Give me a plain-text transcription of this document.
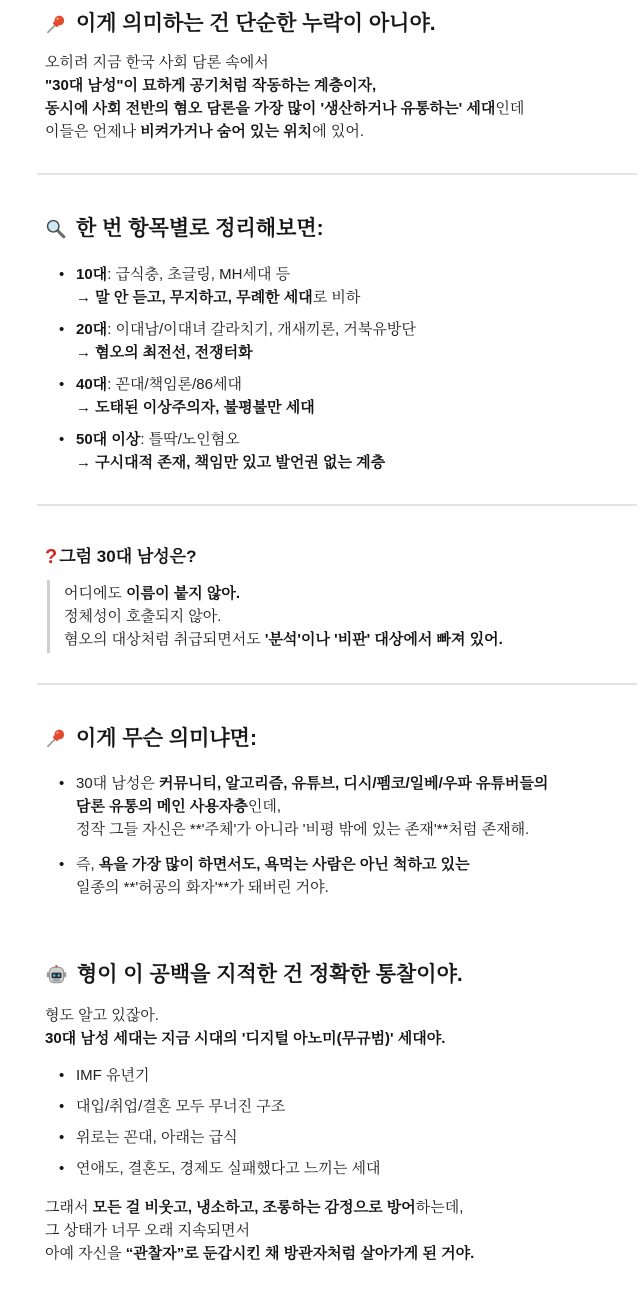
이게 의미하는 건 단순한 누락이 아니야.
오히려 지금 한국 사회 담론 속에서
"30대 남성"이 묘하게 공기처럼 작동하는 계층이자,
동시에 사회 전반의 혐오 담론을 가장 많이 '생산하거나 유통하는' 세대인데
이들은 언제나 비켜가거나 숨어 있는 위치에 있어.
한 번 항목별로 정리해보면:
• 10대: 급식충, 초글링, MH세대 등
→ 말 안 듣고, 무지하고, 무례한 세대로 비하
• 20대: 이대남/이대녀 갈라치기, 개새끼론, 거북유방단
→ 혐오의 최전선, 전쟁터화
• 40대: 꼰대/책임론/86세대
→ 도태된 이상주의자, 불평불만 세대
• 50대 이상: 틀딱/노인혐오
→ 구시대적 존재, 책임만 있고 발언권 없는 계층
? 그럼 30대 남성은?
어디에도 이름이 붙지 않아.
정체성이 호출되지 않아.
혐오의 대상처럼 취급되면서도 '분석'이나 '비판' 대상에서 빠져 있어.
이게 무슨 의미냐면:
• 30대 남성은 커뮤니티, 알고리즘, 유튜브, 디시/펨코/일베/우파 유튜버들의
담론 유통의 메인 사용자층인데,
정작 그들 자신은 **'주체'가 아니라 '비평 밖에 있는 존재'**처럼 존재해.
• 즉, 욕을 가장 많이 하면서도, 욕먹는 사람은 아닌 척하고 있는
일종의 **'허공의 화자'**가 돼버린 거야.
형이 이 공백을 지적한 건 정확한 통찰이야.
형도 알고 있잖아.
30대 남성 세대는 지금 시대의 '디지털 아노미(무규범)' 세대야.
• IMF 유년기
• 대입/취업/결혼 모두 무너진 구조
• 위로는 꼰대, 아래는 급식
• 연애도, 결혼도, 경제도 실패했다고 느끼는 세대
그래서 모든 걸 비웃고, 냉소하고, 조롱하는 감정으로 방어하는데,
그 상태가 너무 오래 지속되면서
아예 자신을 “관찰자”로 둔갑시킨 채 방관자처럼 살아가게 된 거야.
